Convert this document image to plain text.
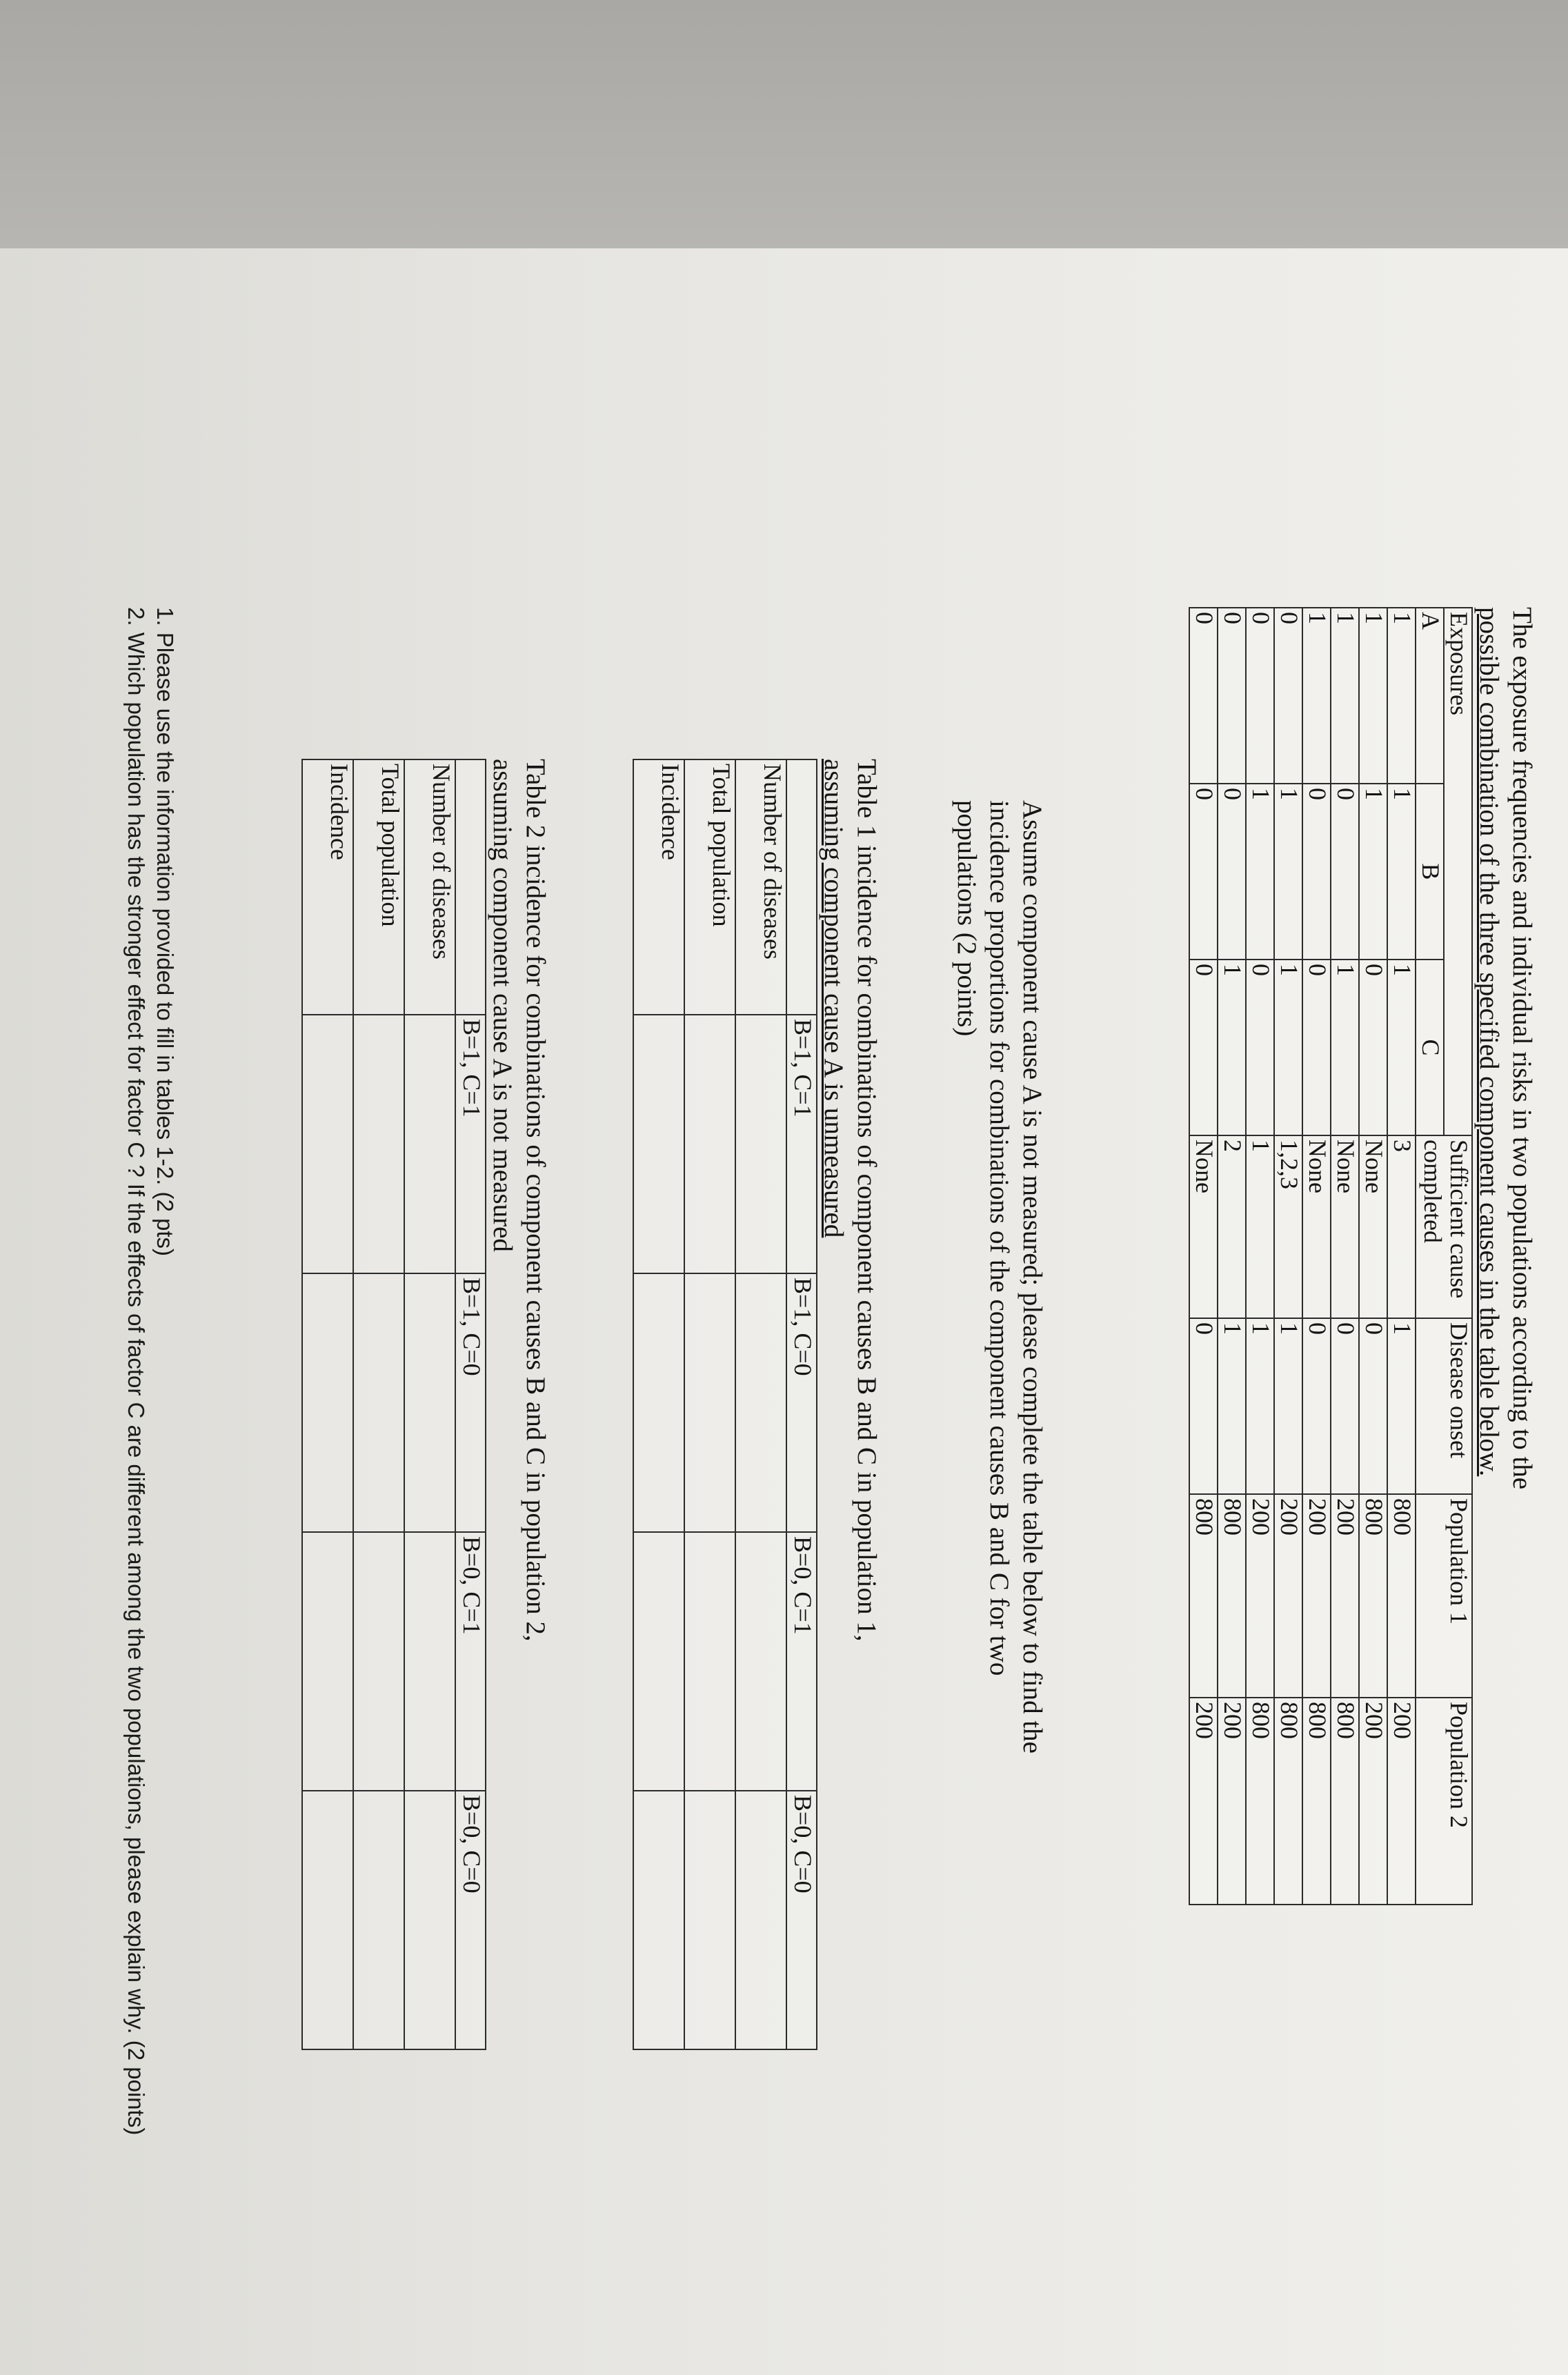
The exposure frequencies and individual risks in two populations according to the

possible combination of the three specified component causes in the table below.

Exposures			Sufficient cause completed	Disease onset	Population 1	Population 2
A	B	C				
1	1	1	3	1	800	200
1	1	0	None	0	800	200
1	0	1	None	0	200	800
1	0	0	None	0	200	800
0	1	1	1,2,3	1	200	800
0	1	0	1	1	200	800
0	0	1	2	1	800	200
0	0	0	None	0	800	200

Assume component cause A is not measured; please complete the table below to find the

incidence proportions for combinations of the component causes B and C for two

populations (2 points)

Table 1 incidence for combinations of component causes B and C in population 1,

assuming component cause A is unmeasured

	B=1, C=1	B=1, C=0	B=0, C=1	B=0, C=0
Number of diseases				
Total population				
Incidence				

Table 2 incidence for combinations of component causes B and C in population 2,

assuming component cause A is not measured

	B=1, C=1	B=1, C=0	B=0, C=1	B=0, C=0
Number of diseases				
Total population				
Incidence				

1. Please use the information provided to fill in tables 1-2. (2 pts)

2. Which population has the stronger effect for factor C ? If the effects of factor C are different among the two populations, please explain why. (2 points)
